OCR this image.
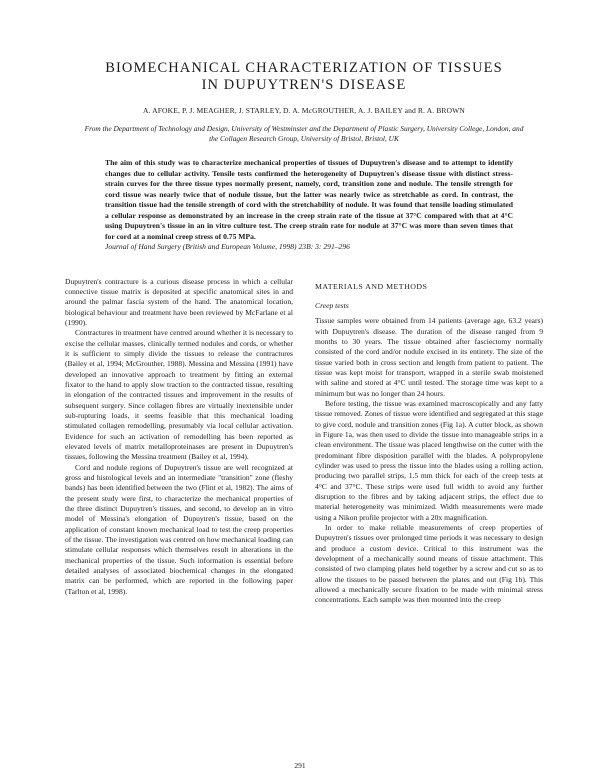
BIOMECHANICAL CHARACTERIZATION OF TISSUES IN DUPUYTREN'S DISEASE
A. AFOKE, P. J. MEAGHER, J. STARLEY, D. A. McGROUTHER, A. J. BAILEY and R. A. BROWN
From the Department of Technology and Design, University of Westminster and the Department of Plastic Surgery, University College, London, and the Collagen Research Group, University of Bristol, Bristol, UK

The aim of this study was to characterize mechanical properties of tissues of Dupuytren's disease and to attempt to identify changes due to cellular activity. Tensile tests confirmed the heterogeneity of Dupuytren's disease tissue with distinct stress-strain curves for the three tissue types normally present, namely, cord, transition zone and nodule. The tensile strength for cord tissue was nearly twice that of nodule tissue, but the latter was nearly twice as stretchable as cord. In contrast, the transition tissue had the tensile strength of cord with the stretchability of nodule. It was found that tensile loading stimulated a cellular response as demonstrated by an increase in the creep strain rate of the tissue at 37°C compared with that at 4°C using Dupuytren's tissue in an in vitro culture test. The creep strain rate for nodule at 37°C was more than seven times that for cord at a nominal creep stress of 0.75 MPa.

Journal of Hand Surgery (British and European Volume, 1998) 23B: 3: 291–296

Dupuytren's contracture is a curious disease process in which a cellular connective tissue matrix is deposited at specific anatomical sites in and around the palmar fascia system of the hand. The anatomical location, biological behaviour and treatment have been reviewed by McFarlane et al (1990).

Contractures in treatment have centred around whether it is necessary to excise the cellular masses, clinically termed nodules and cords, or whether it is sufficient to simply divide the tissues to release the contractures (Bailey et al, 1994; McGrouther, 1988). Messina and Messina (1991) have developed an innovative approach to treatment by fitting an external fixator to the hand to apply slow traction to the contracted tissue, resulting in elongation of the contracted tissues and improvement in the results of subsequent surgery. Since collagen fibres are virtually inextensible under sub-rupturing loads, it seems feasible that this mechanical loading stimulated collagen remodelling, presumably via local cellular activation. Evidence for such an activation of remodelling has been reported as elevated levels of matrix metalloproteinases are present in Dupuytren's tissues, following the Messina treatment (Bailey et al, 1994).

Cord and nodule regions of Dupuytren's tissue are well recognized at gross and histological levels and an intermediate "transition" zone (fleshy bands) has been identified between the two (Flint et al, 1982). The aims of the present study were first, to characterize the mechanical properties of the three distinct Dupuytren's tissues, and second, to develop an in vitro model of Messina's elongation of Dupuytren's tissue, based on the application of constant known mechanical load to test the creep properties of the tissue. The investigation was centred on how mechanical loading can stimulate cellular responses which themselves result in alterations in the mechanical properties of the tissue. Such information is essential before detailed analyses of associated biochemical changes in the elongated matrix can be performed, which are reported in the following paper (Tarlton et al, 1998).

MATERIALS AND METHODS
Creep tests

Tissue samples were obtained from 14 patients (average age, 63.2 years) with Dupuytren's disease. The duration of the disease ranged from 9 months to 30 years. The tissue obtained after fasciectomy normally consisted of the cord and/or nodule excised in its entirety. The size of the tissue varied both in cross section and length from patient to patient. The tissue was kept moist for transport, wrapped in a sterile swab moistened with saline and stored at 4°C until tested. The storage time was kept to a minimum but was no longer than 24 hours.

Before testing, the tissue was examined macroscopically and any fatty tissue removed. Zones of tissue were identified and segregated at this stage to give cord, nodule and transition zones (Fig 1a). A cutter block, as shown in Figure 1a, was then used to divide the tissue into manageable strips in a clean environment. The tissue was placed lengthwise on the cutter with the predominant fibre disposition parallel with the blades. A polypropylene cylinder was used to press the tissue into the blades using a rolling action, producing two parallel strips, 1.5 mm thick for each of the creep tests at 4°C and 37°C. These strips were used full width to avoid any further disruption to the fibres and by taking adjacent strips, the effect due to material heterogeneity was minimized. Width measurements were made using a Nikon profile projector with a 20x magnification.

In order to make reliable measurements of creep properties of Dupuytren's tissues over prolonged time periods it was necessary to design and produce a custom device. Critical to this instrument was the development of a mechanically sound means of tissue attachment. This consisted of two clamping plates held together by a screw and cut so as to allow the tissues to be passed between the plates and out (Fig 1b). This allowed a mechanically secure fixation to be made with minimal stress concentrations. Each sample was then mounted into the creep

291
